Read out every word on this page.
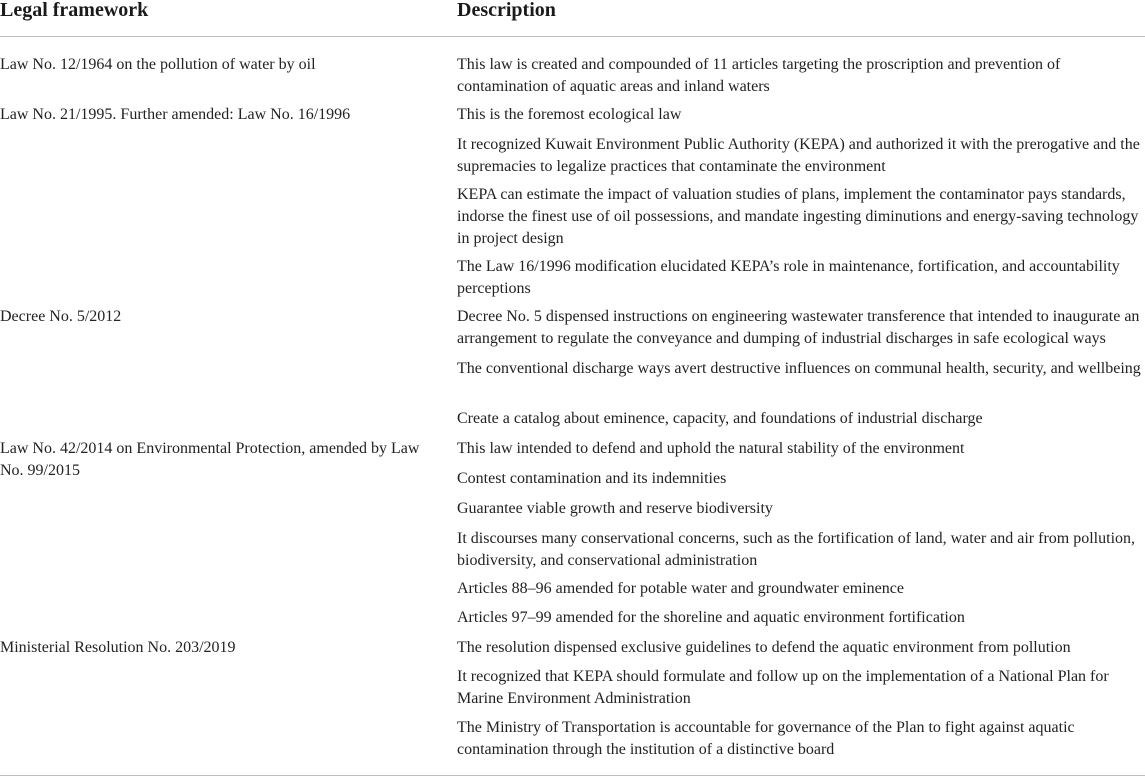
Legal framework	Description
Law No. 12/1964 on the pollution of water by oil
Law No. 21/1995. Further amended: Law No. 16/1996
Decree No. 5/2012
Law No. 42/2014 on Environmental Protection, amended by Law No. 99/2015
Ministerial Resolution No. 203/2019
This law is created and compounded of 11 articles targeting the proscription and prevention of contamination of aquatic areas and inland waters
This is the foremost ecological law
It recognized Kuwait Environment Public Authority (KEPA) and authorized it with the prerogative and the supremacies to legalize practices that contaminate the environment
KEPA can estimate the impact of valuation studies of plans, implement the contaminator pays standards, indorse the finest use of oil possessions, and mandate ingesting diminutions and energy-saving technology in project design
The Law 16/1996 modification elucidated KEPA’s role in maintenance, fortification, and accountability perceptions
Decree No. 5 dispensed instructions on engineering wastewater transference that intended to inaugurate an arrangement to regulate the conveyance and dumping of industrial discharges in safe ecological ways
The conventional discharge ways avert destructive influences on communal health, security, and wellbeing
Create a catalog about eminence, capacity, and foundations of industrial discharge
This law intended to defend and uphold the natural stability of the environment
Contest contamination and its indemnities
Guarantee viable growth and reserve biodiversity
It discourses many conservational concerns, such as the fortification of land, water and air from pollution, biodiversity, and conservational administration
Articles 88–96 amended for potable water and groundwater eminence
Articles 97–99 amended for the shoreline and aquatic environment fortification
The resolution dispensed exclusive guidelines to defend the aquatic environment from pollution
It recognized that KEPA should formulate and follow up on the implementation of a National Plan for Marine Environment Administration
The Ministry of Transportation is accountable for governance of the Plan to fight against aquatic contamination through the institution of a distinctive board
